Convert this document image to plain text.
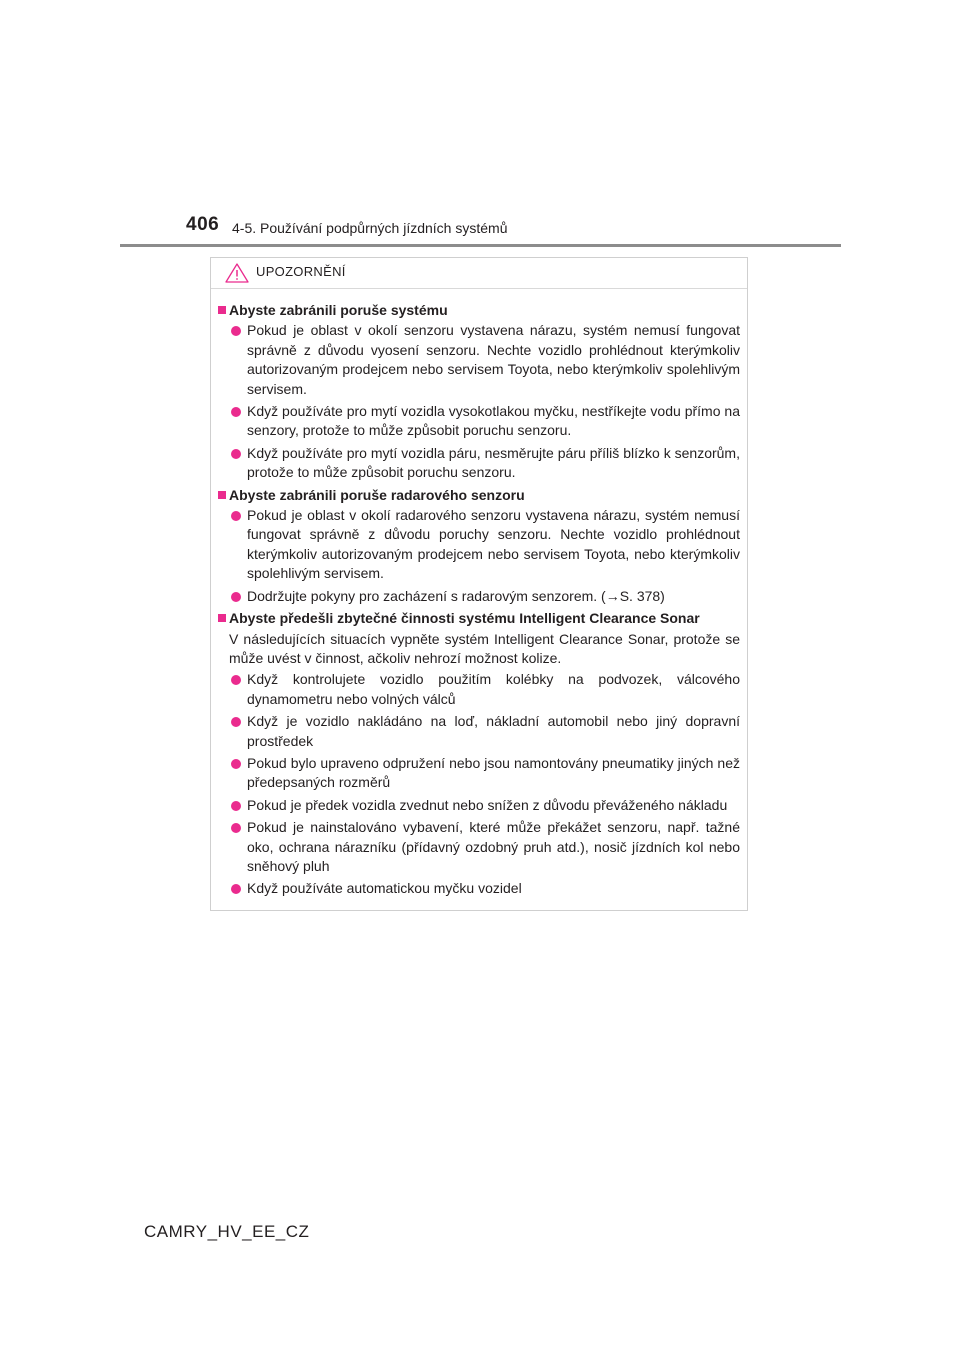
406 4-5. Používání podpůrných jízdních systémů
UPOZORNĚNÍ
Abyste zabránili poruše systému
Pokud je oblast v okolí senzoru vystavena nárazu, systém nemusí fungovat správně z důvodu vyosení senzoru. Nechte vozidlo prohlédnout kterýmkoliv autorizovaným prodejcem nebo servisem Toyota, nebo kterýmkoliv spolehlivým servisem.
Když používáte pro mytí vozidla vysokotlakou myčku, nestříkejte vodu přímo na senzory, protože to může způsobit poruchu senzoru.
Když používáte pro mytí vozidla páru, nesměrujte páru příliš blízko k senzorům, protože to může způsobit poruchu senzoru.
Abyste zabránili poruše radarového senzoru
Pokud je oblast v okolí radarového senzoru vystavena nárazu, systém nemusí fungovat správně z důvodu poruchy senzoru. Nechte vozidlo prohlédnout kterýmkoliv autorizovaným prodejcem nebo servisem Toyota, nebo kterýmkoliv spolehlivým servisem.
Dodržujte pokyny pro zacházení s radarovým senzorem. (→S. 378)
Abyste předešli zbytečné činnosti systému Intelligent Clearance Sonar
V následujících situacích vypněte systém Intelligent Clearance Sonar, protože se může uvést v činnost, ačkoliv nehrozí možnost kolize.
Když kontrolujete vozidlo použitím kolébky na podvozek, válcového dynamometru nebo volných válců
Když je vozidlo nakládáno na loď, nákladní automobil nebo jiný dopravní prostředek
Pokud bylo upraveno odpružení nebo jsou namontovány pneumatiky jiných než předepsaných rozměrů
Pokud je předek vozidla zvednut nebo snížen z důvodu převáženého nákladu
Pokud je nainstalováno vybavení, které může překážet senzoru, např. tažné oko, ochrana nárazníku (přídavný ozdobný pruh atd.), nosič jízdních kol nebo sněhový pluh
Když používáte automatickou myčku vozidel
CAMRY_HV_EE_CZ
